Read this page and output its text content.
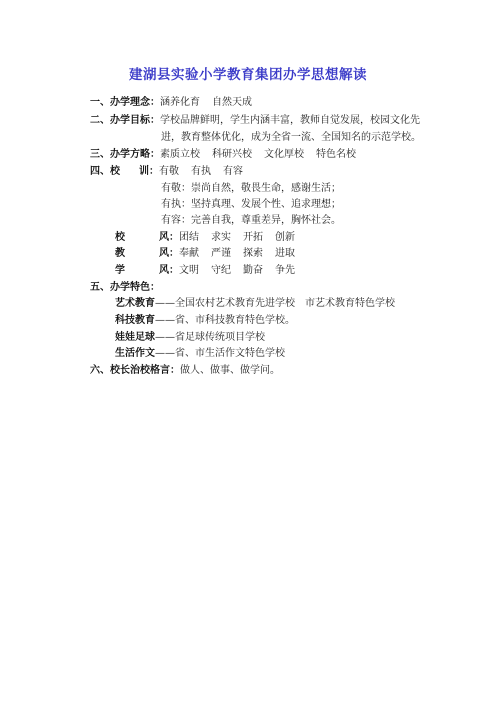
建湖县实验小学教育集团办学思想解读
一、办学理念：涵养化育 自然天成
二、办学目标：学校品牌鲜明，学生内涵丰富，教师自觉发展，校园文化先
进，教育整体优化，成为全省一流、全国知名的示范学校。
三、办学方略：素质立校 科研兴校 文化厚校 特色名校
四、校 训：有敬 有执 有容
有敬：崇尚自然，敬畏生命，感谢生活；
有执：坚持真理、发展个性、追求理想；
有容：完善自我，尊重差异，胸怀社会。
校	风：团结 求实 开拓 创新
教	风：奉献 严谨 探索 进取
学	风：文明 守纪 勤奋 争先
五、办学特色：
艺术教育——全国农村艺术教育先进学校　市艺术教育特色学校
科技教育——省、市科技教育特色学校。
娃娃足球——省足球传统项目学校
生活作文——省、市生活作文特色学校
六、校长治校格言：做人、做事、做学问。
